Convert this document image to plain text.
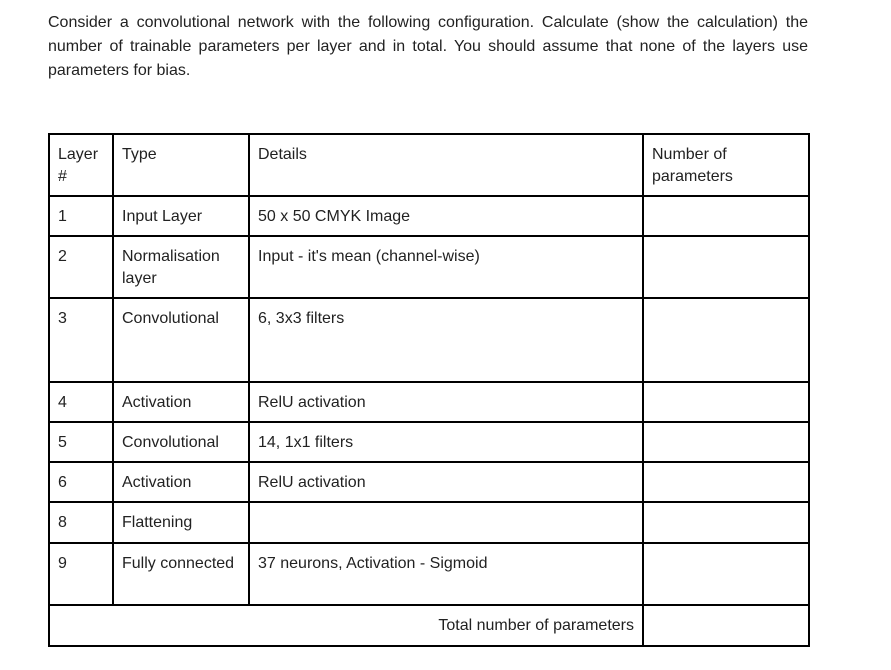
Consider a convolutional network with the following configuration. Calculate (show the calculation) the number of trainable parameters per layer and in total. You should assume that none of the layers use parameters for bias.

Layer #	Type	Details	Number of parameters
1	Input Layer	50 x 50 CMYK Image	
2	Normalisation layer	Input - it's mean (channel-wise)	
3	Convolutional	6, 3x3 filters	
4	Activation	RelU activation	
5	Convolutional	14, 1x1 filters	
6	Activation	RelU activation	
8	Flattening		
9	Fully connected	37 neurons, Activation - Sigmoid	
Total number of parameters			
